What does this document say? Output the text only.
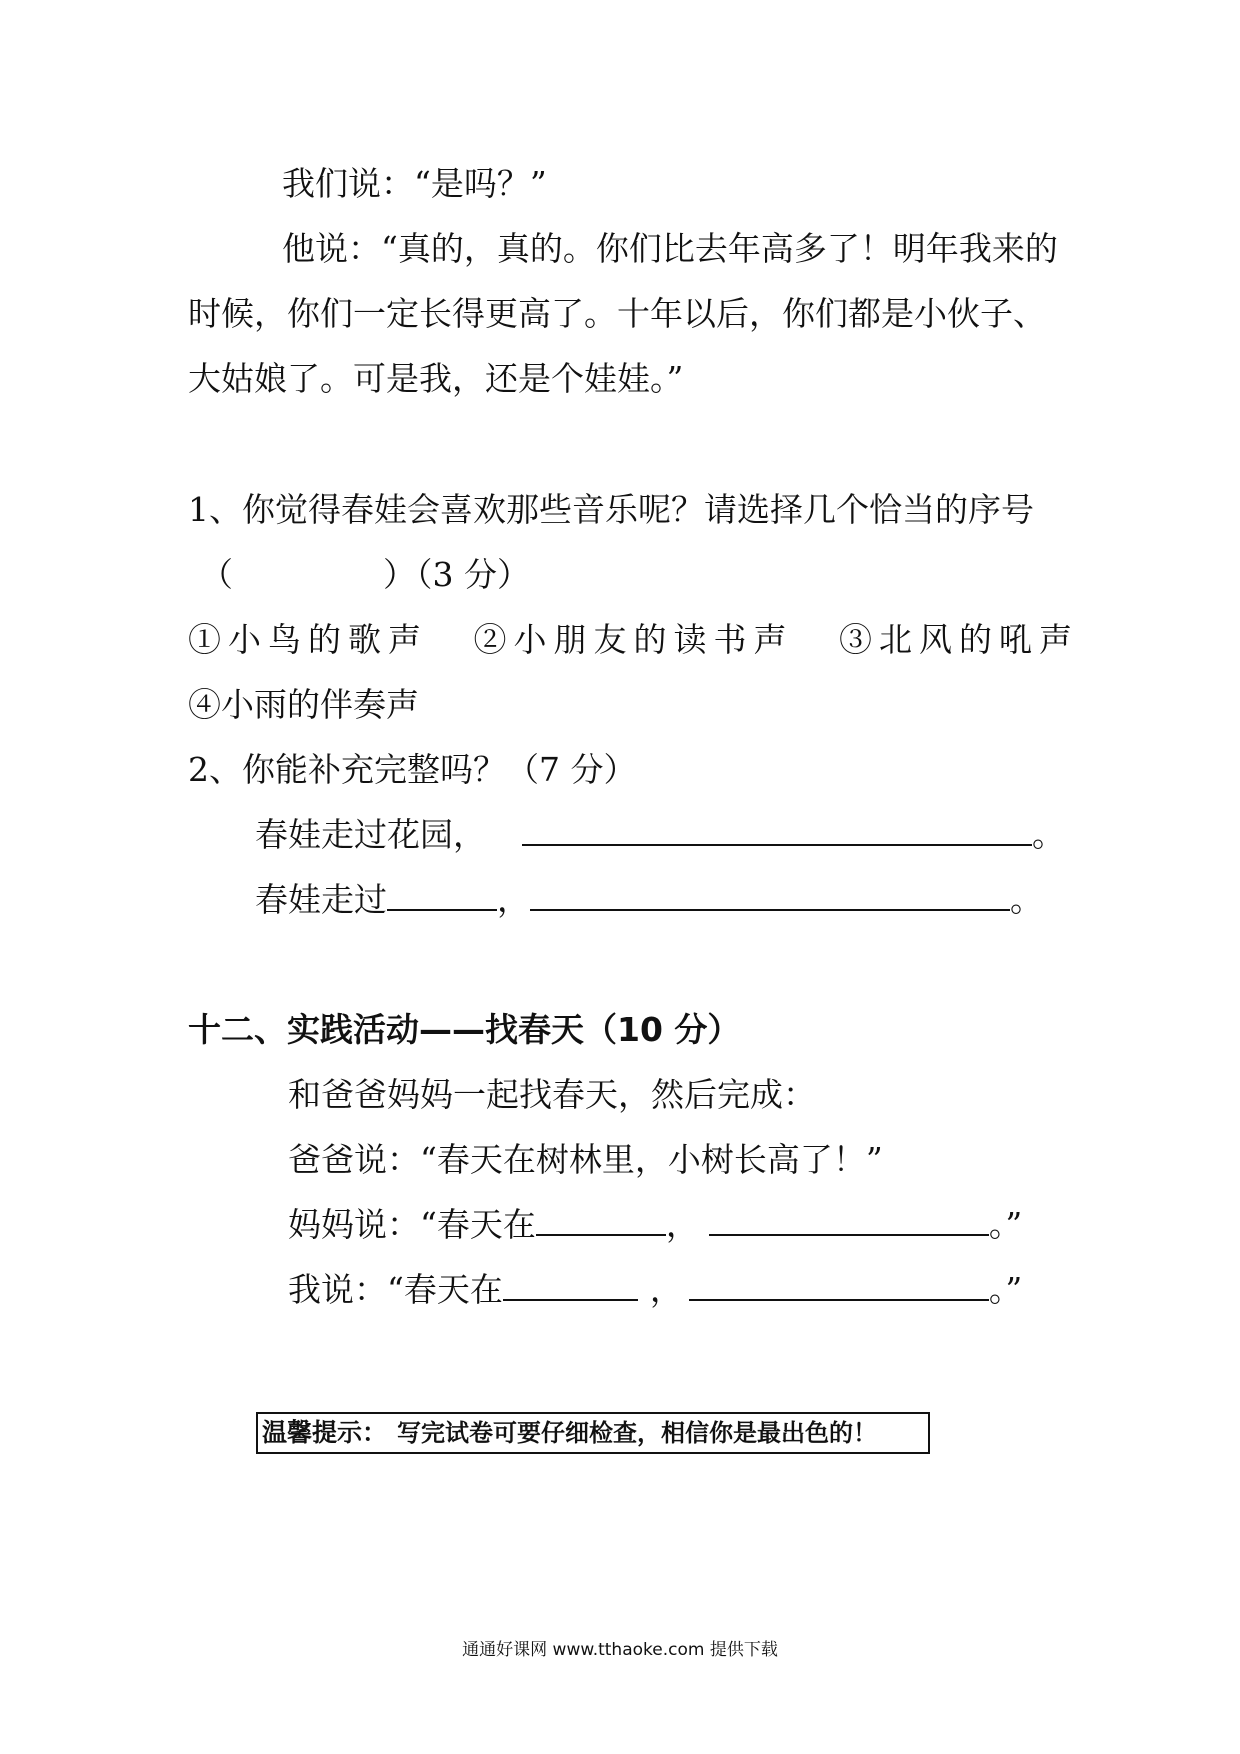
我们说：“是吗？”
他说：“真的，真的。你们比去年高多了！明年我来的
时候，你们一定长得更高了。十年以后，你们都是小伙子、
大姑娘了。可是我，还是个娃娃。”
1、你觉得春娃会喜欢那些音乐呢？请选择几个恰当的序号
（	）（3 分）
①小鸟的歌声 ②小朋友的读书声 ③北风的吼声
④小雨的伴奏声
2、你能补充完整吗？（7 分）
春娃走过花园，	。
春娃走过	，	。
十二、实践活动——找春天（10 分）
和爸爸妈妈一起找春天，然后完成：
爸爸说：“春天在树林里，小树长高了！”
妈妈说：“春天在	，	。”
我说：“春天在	，	。”
温馨提示： 写完试卷可要仔细检查，相信你是最出色的！
通通好课网 www.tthaoke.com 提供下载
